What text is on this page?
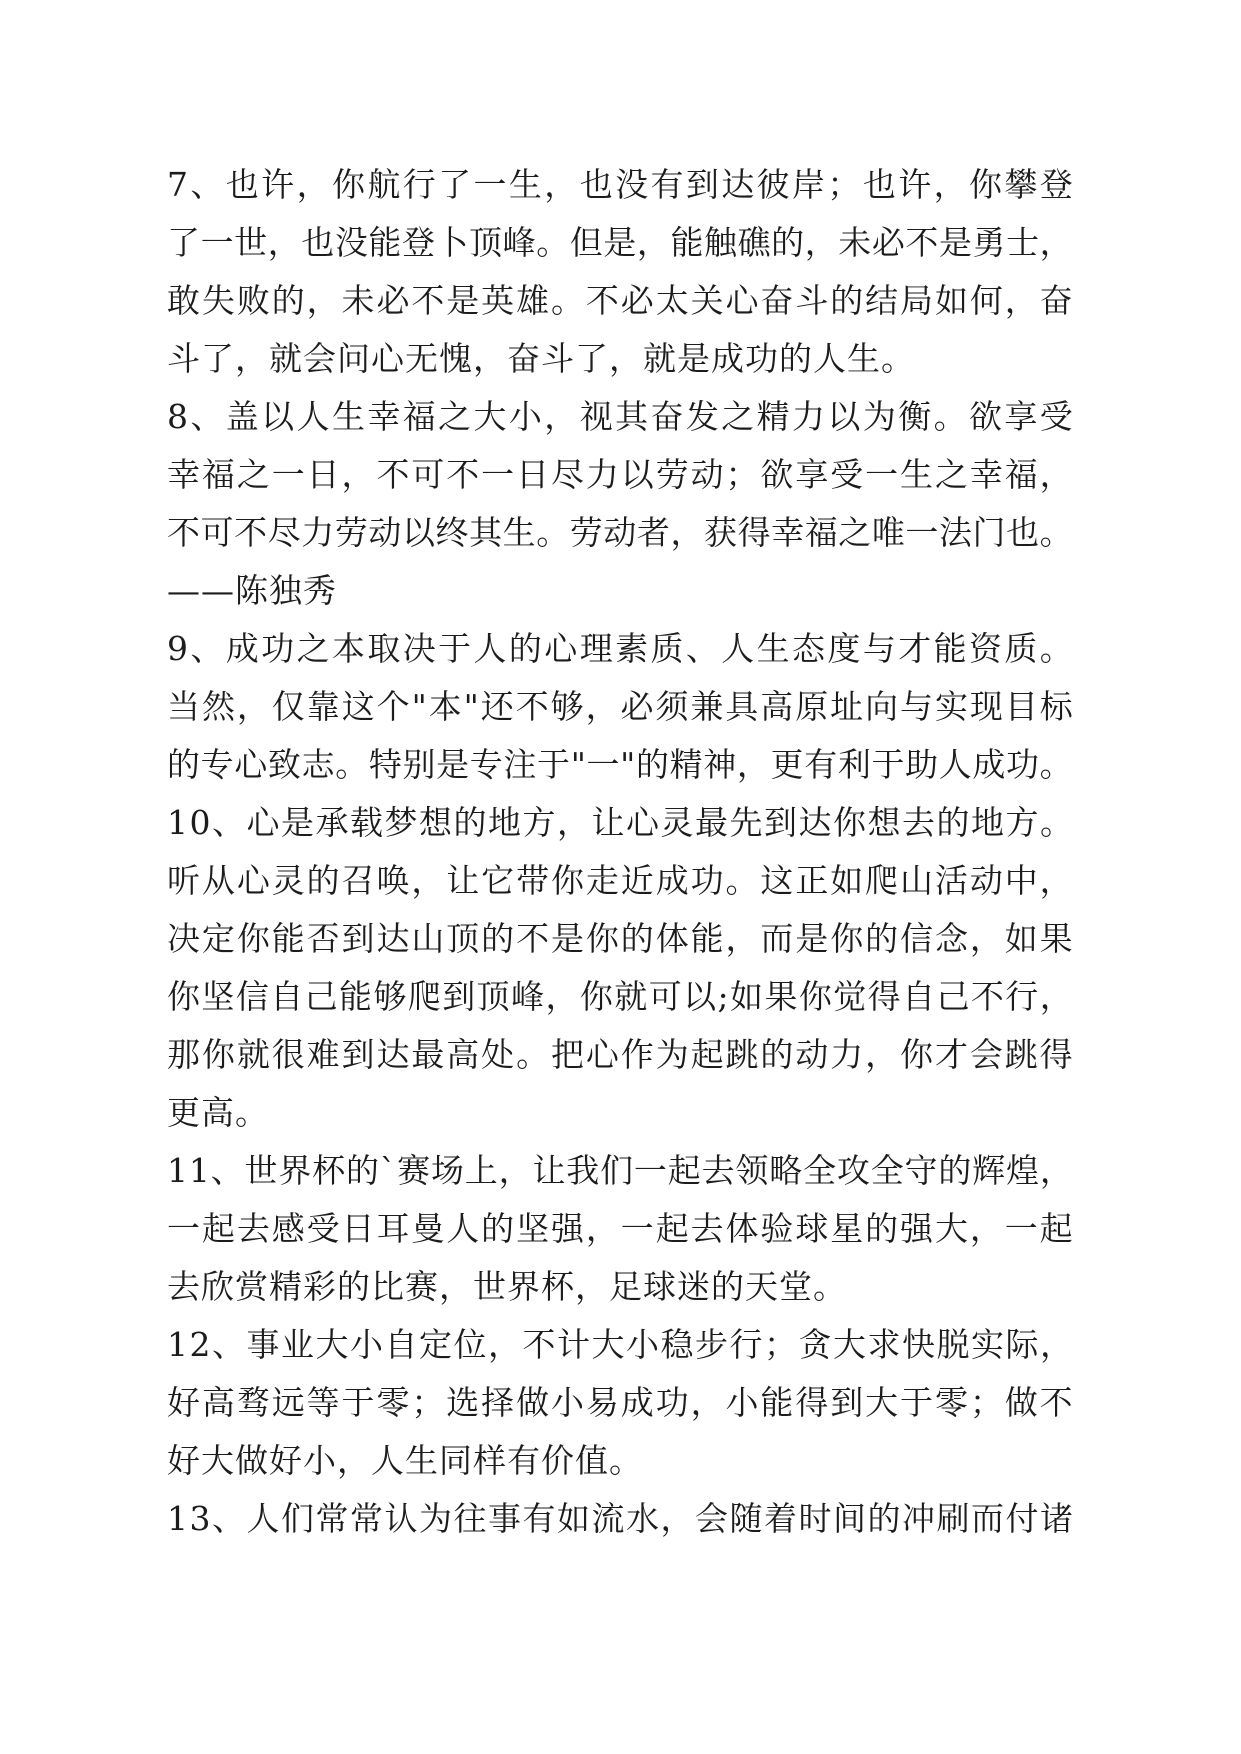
7 、 也 许 ， 你 航 行 了 一 生 ， 也 没 有 到 达 彼 岸 ； 也 许 ， 你 攀 登
了 一 世 ， 也 没 能 登 卜 顶 峰 。 但 是 ， 能 触 礁 的 ， 未 必 不 是 勇 士 ，
敢 失 败 的 ， 未 必 不 是 英 雄 。 不 必 太 关 心 奋 斗 的 结 局 如 何 ， 奋
斗了，就会问心无愧，奋斗了，就是成功的人生。
8 、 盖 以 人 生 幸 福 之 大 小 ， 视 其 奋 发 之 精 力 以 为 衡 。 欲 享 受
幸 福 之 一 日 ， 不 可 不 一 日 尽 力 以 劳 动 ； 欲 享 受 一 生 之 幸 福 ，
不 可 不 尽 力 劳 动 以 终 其 生 。 劳 动 者 ， 获 得 幸 福 之 唯 一 法 门 也 。
——陈独秀
9 、 成 功 之 本 取 决 于 人 的 心 理 素 质 、 人 生 态 度 与 才 能 资 质 。
当 然 ， 仅 靠 这 个 " 本 " 还 不 够 ， 必 须 兼 具 高 原 址 向 与 实 现 目 标
的 专 心 致 志 。 特 别 是 专 注 于 " 一 " 的 精 神 ， 更 有 利 于 助 人 成 功 。
1 0 、 心 是 承 载 梦 想 的 地 方 ， 让 心 灵 最 先 到 达 你 想 去 的 地 方 。
听 从 心 灵 的 召 唤 ， 让 它 带 你 走 近 成 功 。 这 正 如 爬 山 活 动 中 ，
决 定 你 能 否 到 达 山 顶 的 不 是 你 的 体 能 ， 而 是 你 的 信 念 ， 如 果
你 坚 信 自 己 能 够 爬 到 顶 峰 ， 你 就 可 以 ; 如 果 你 觉 得 自 己 不 行 ，
那 你 就 很 难 到 达 最 高 处 。 把 心 作 为 起 跳 的 动 力 ， 你 才 会 跳 得
更高。
1 1 、 世 界 杯 的 ` 赛 场 上 ， 让 我 们 一 起 去 领 略 全 攻 全 守 的 辉 煌 ，
一 起 去 感 受 日 耳 曼 人 的 坚 强 ， 一 起 去 体 验 球 星 的 强 大 ， 一 起
去欣赏精彩的比赛，世界杯，足球迷的天堂。
1 2 、 事 业 大 小 自 定 位 ， 不 计 大 小 稳 步 行 ； 贪 大 求 快 脱 实 际 ，
好 高 骛 远 等 于 零 ； 选 择 做 小 易 成 功 ， 小 能 得 到 大 于 零 ； 做 不
好大做好小，人生同样有价值。
1 3 、 人 们 常 常 认 为 往 事 有 如 流 水 ， 会 随 着 时 间 的 冲 刷 而 付 诸
